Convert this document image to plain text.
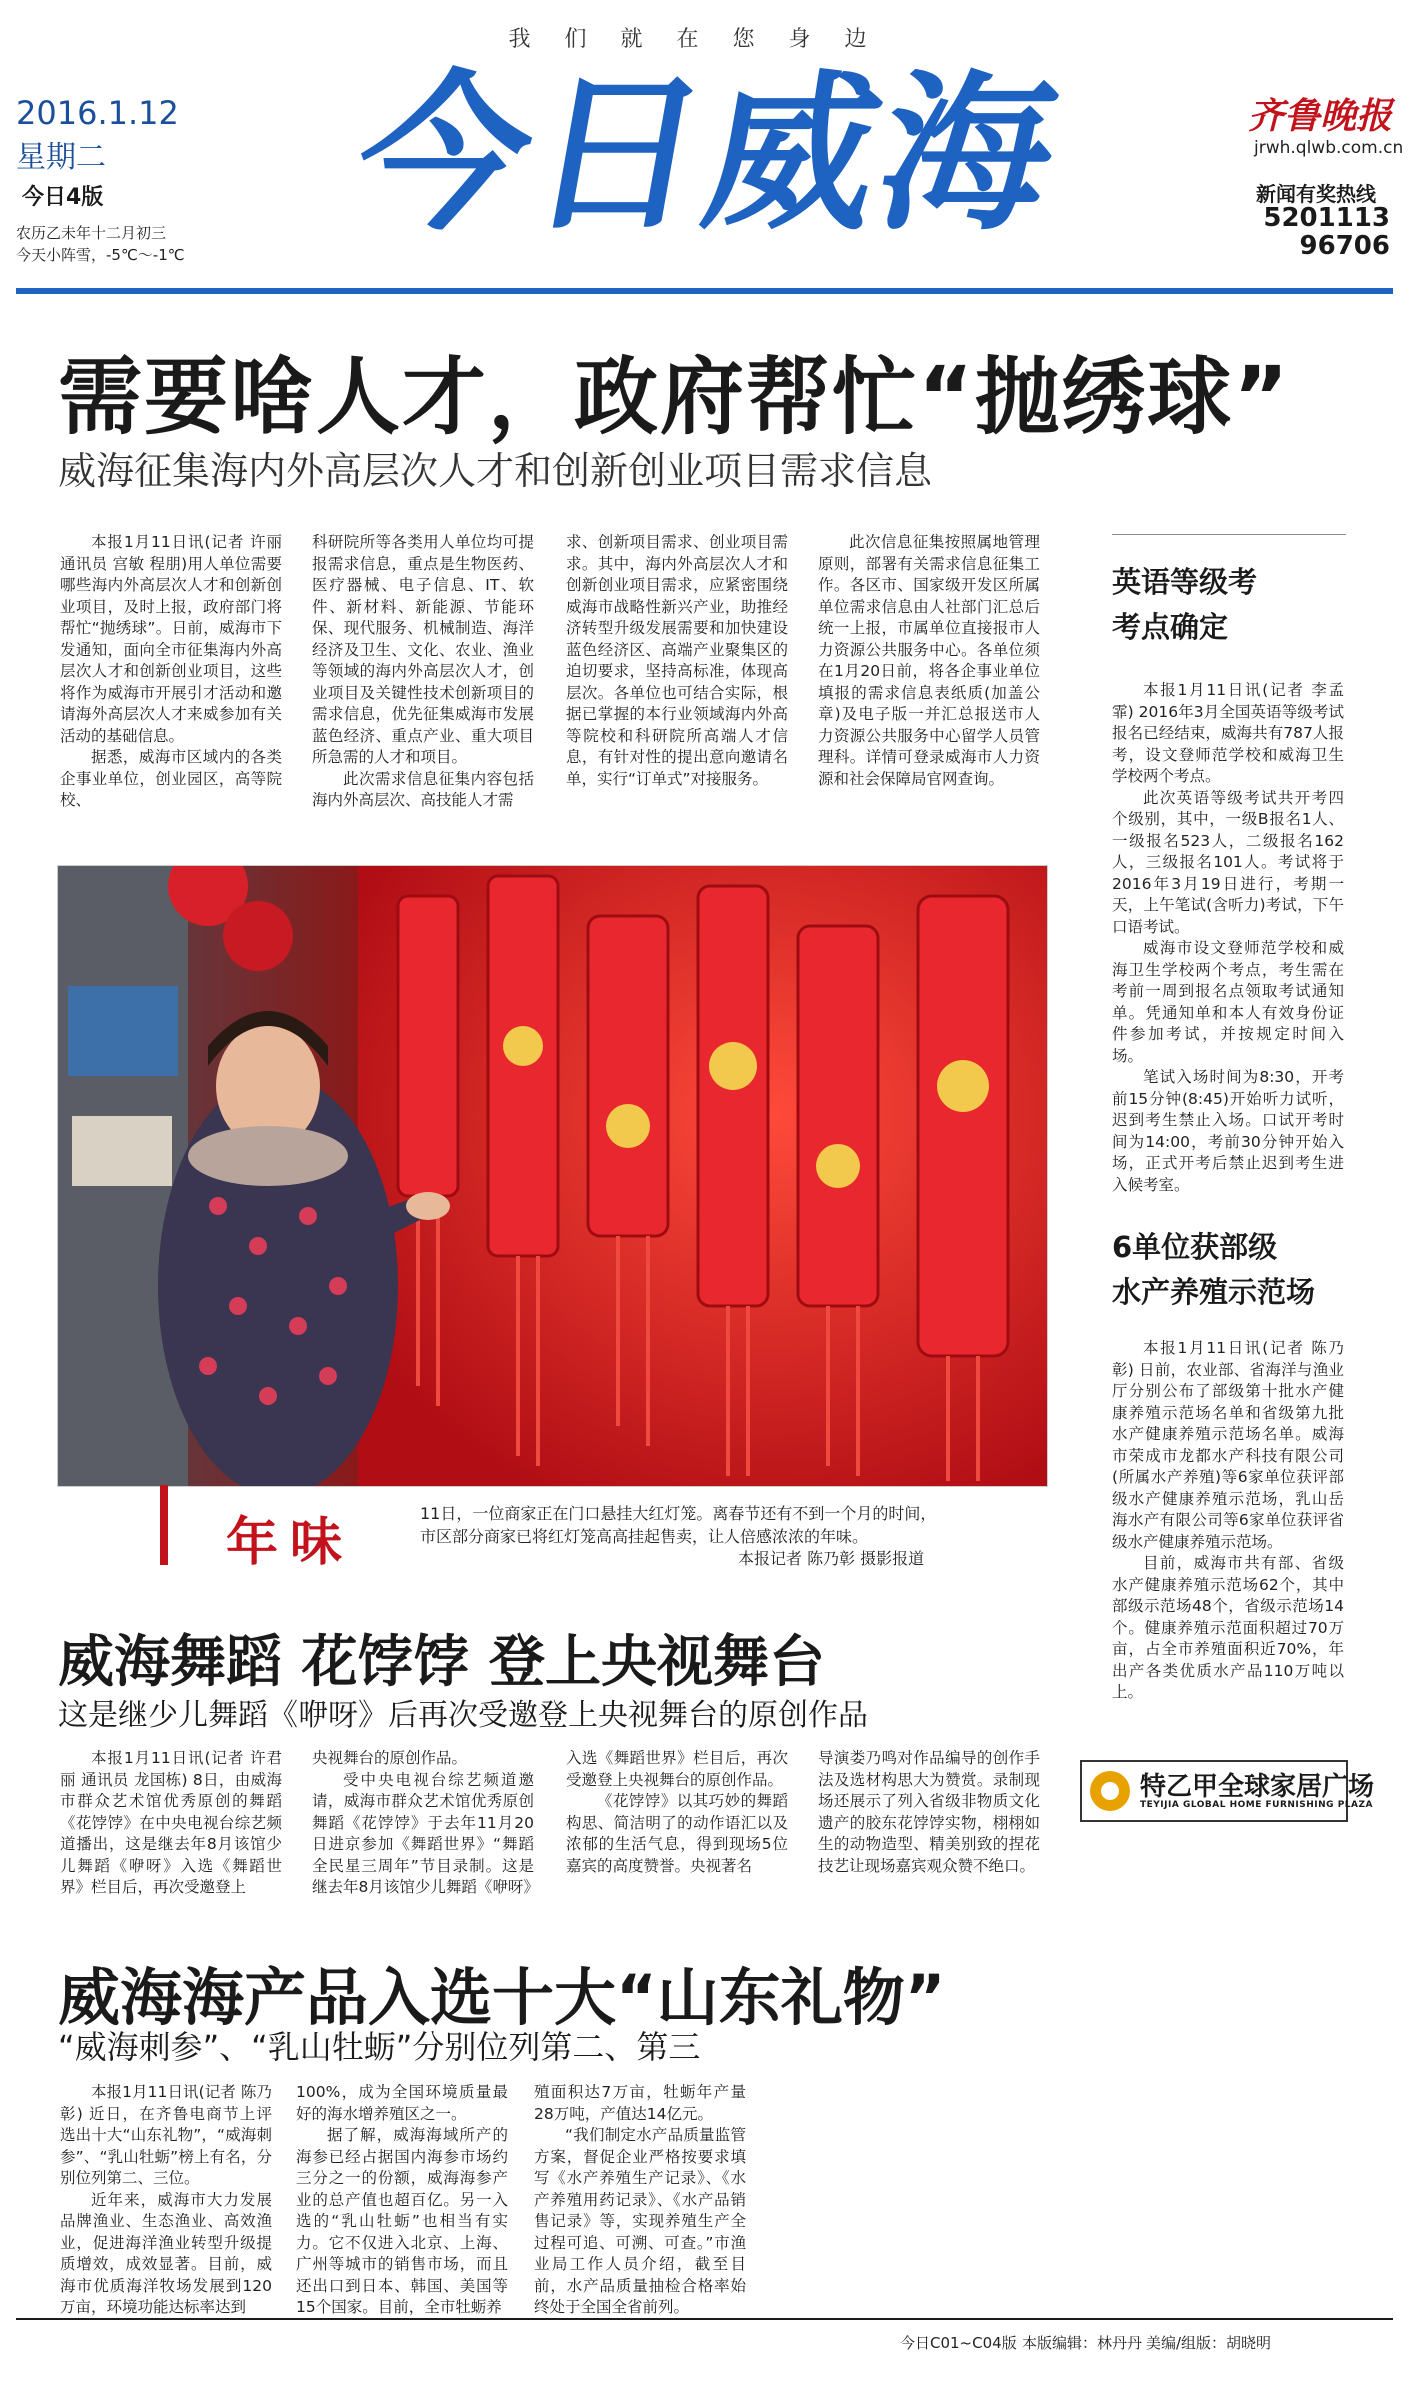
我们就在您身边
2016.1.12
星期二
今日4版
农历乙未年十二月初三
今天小阵雪，-5℃～-1℃
今日威海	齐鲁晚报
jrwh.qlwb.com.cn
新闻有奖热线
5201113
96706
需要啥人才，政府帮忙“抛绣球”
威海征集海内外高层次人才和创新创业项目需求信息

本报1月11日讯(记者 许丽 通讯员 宫敏 程朋)用人单位需要哪些海内外高层次人才和创新创业项目，及时上报，政府部门将帮忙“抛绣球”。日前，威海市下发通知，面向全市征集海内外高层次人才和创新创业项目，这些将作为威海市开展引才活动和邀请海外高层次人才来威参加有关活动的基础信息。

据悉，威海市区域内的各类企事业单位，创业园区，高等院校、

科研院所等各类用人单位均可提报需求信息，重点是生物医药、医疗器械、电子信息、IT、软件、新材料、新能源、节能环保、现代服务、机械制造、海洋经济及卫生、文化、农业、渔业等领域的海内外高层次人才，创业项目及关键性技术创新项目的需求信息，优先征集威海市发展蓝色经济、重点产业、重大项目所急需的人才和项目。

此次需求信息征集内容包括海内外高层次、高技能人才需

求、创新项目需求、创业项目需求。其中，海内外高层次人才和创新创业项目需求，应紧密围绕威海市战略性新兴产业，助推经济转型升级发展需要和加快建设蓝色经济区、高端产业聚集区的迫切要求，坚持高标准，体现高层次。各单位也可结合实际，根据已掌握的本行业领域海内外高等院校和科研院所高端人才信息，有针对性的提出意向邀请名单，实行“订单式”对接服务。

此次信息征集按照属地管理原则，部署有关需求信息征集工作。各区市、国家级开发区所属单位需求信息由人社部门汇总后统一上报，市属单位直接报市人力资源公共服务中心。各单位须在1月20日前，将各企事业单位填报的需求信息表纸质(加盖公章)及电子版一并汇总报送市人力资源公共服务中心留学人员管理科。详情可登录威海市人力资源和社会保障局官网查询。

英语等级考
考点确定

本报1月11日讯(记者 李孟霏) 2016年3月全国英语等级考试报名已经结束，威海共有787人报考，设文登师范学校和威海卫生学校两个考点。

此次英语等级考试共开考四个级别，其中，一级B报名1人、一级报名523人，二级报名162人，三级报名101人。考试将于2016年3月19日进行，考期一天，上午笔试(含听力)考试，下午口语考试。

威海市设文登师范学校和威海卫生学校两个考点，考生需在考前一周到报名点领取考试通知单。凭通知单和本人有效身份证件参加考试，并按规定时间入场。

笔试入场时间为8:30，开考前15分钟(8:45)开始听力试听，迟到考生禁止入场。口试开考时间为14:00，考前30分钟开始入场，正式开考后禁止迟到考生进入候考室。

6单位获部级
水产养殖示范场

本报1月11日讯(记者 陈乃彰) 日前，农业部、省海洋与渔业厅分别公布了部级第十批水产健康养殖示范场名单和省级第九批水产健康养殖示范场名单。威海市荣成市龙都水产科技有限公司(所属水产养殖)等6家单位获评部级水产健康养殖示范场，乳山岳海水产有限公司等6家单位获评省级水产健康养殖示范场。

目前，威海市共有部、省级水产健康养殖示范场62个，其中部级示范场48个，省级示范场14个。健康养殖示范面积超过70万亩，占全市养殖面积近70%，年出产各类优质水产品110万吨以上。

年味	11日，一位商家正在门口悬挂大红灯笼。离春节还有不到一个月的时间，市区部分商家已将红灯笼高高挂起售卖，让人倍感浓浓的年味。
本报记者 陈乃彰 摄影报道
威海舞蹈 花饽饽 登上央视舞台
这是继少儿舞蹈《咿呀》后再次受邀登上央视舞台的原创作品

本报1月11日讯(记者 许君丽 通讯员 龙国栋) 8日，由威海市群众艺术馆优秀原创的舞蹈《花饽饽》在中央电视台综艺频道播出，这是继去年8月该馆少儿舞蹈《咿呀》入选《舞蹈世界》栏目后，再次受邀登上

央视舞台的原创作品。

受中央电视台综艺频道邀请，威海市群众艺术馆优秀原创舞蹈《花饽饽》于去年11月20日进京参加《舞蹈世界》“舞蹈全民星三周年”节目录制。这是继去年8月该馆少儿舞蹈《咿呀》

入选《舞蹈世界》栏目后，再次受邀登上央视舞台的原创作品。

《花饽饽》以其巧妙的舞蹈构思、简洁明了的动作语汇以及浓郁的生活气息，得到现场5位嘉宾的高度赞誉。央视著名

导演娄乃鸣对作品编导的创作手法及选材构思大为赞赏。录制现场还展示了列入省级非物质文化遗产的胶东花饽饽实物，栩栩如生的动物造型、精美别致的捏花技艺让现场嘉宾观众赞不绝口。

特乙甲全球家居广场
TEYIJIA GLOBAL HOME FURNISHING PLAZA
威海海产品入选十大“山东礼物”
“威海刺参”、“乳山牡蛎”分别位列第二、第三

本报1月11日讯(记者 陈乃彰) 近日，在齐鲁电商节上评选出十大“山东礼物”，“威海刺参”、“乳山牡蛎”榜上有名，分别位列第二、三位。

近年来，威海市大力发展品牌渔业、生态渔业、高效渔业，促进海洋渔业转型升级提质增效，成效显著。目前，威海市优质海洋牧场发展到120万亩，环境功能达标率达到

100%，成为全国环境质量最好的海水增养殖区之一。

据了解，威海海域所产的海参已经占据国内海参市场约三分之一的份额，威海海参产业的总产值也超百亿。另一入选的“乳山牡蛎”也相当有实力。它不仅进入北京、上海、广州等城市的销售市场，而且还出口到日本、韩国、美国等15个国家。目前，全市牡蛎养

殖面积达7万亩，牡蛎年产量28万吨，产值达14亿元。

“我们制定水产品质量监管方案，督促企业严格按要求填写《水产养殖生产记录》、《水产养殖用药记录》、《水产品销售记录》等，实现养殖生产全过程可追、可溯、可查。”市渔业局工作人员介绍，截至目前，水产品质量抽检合格率始终处于全国全省前列。

今日C01~C04版 本版编辑：林丹丹 美编/组版：胡晓明
